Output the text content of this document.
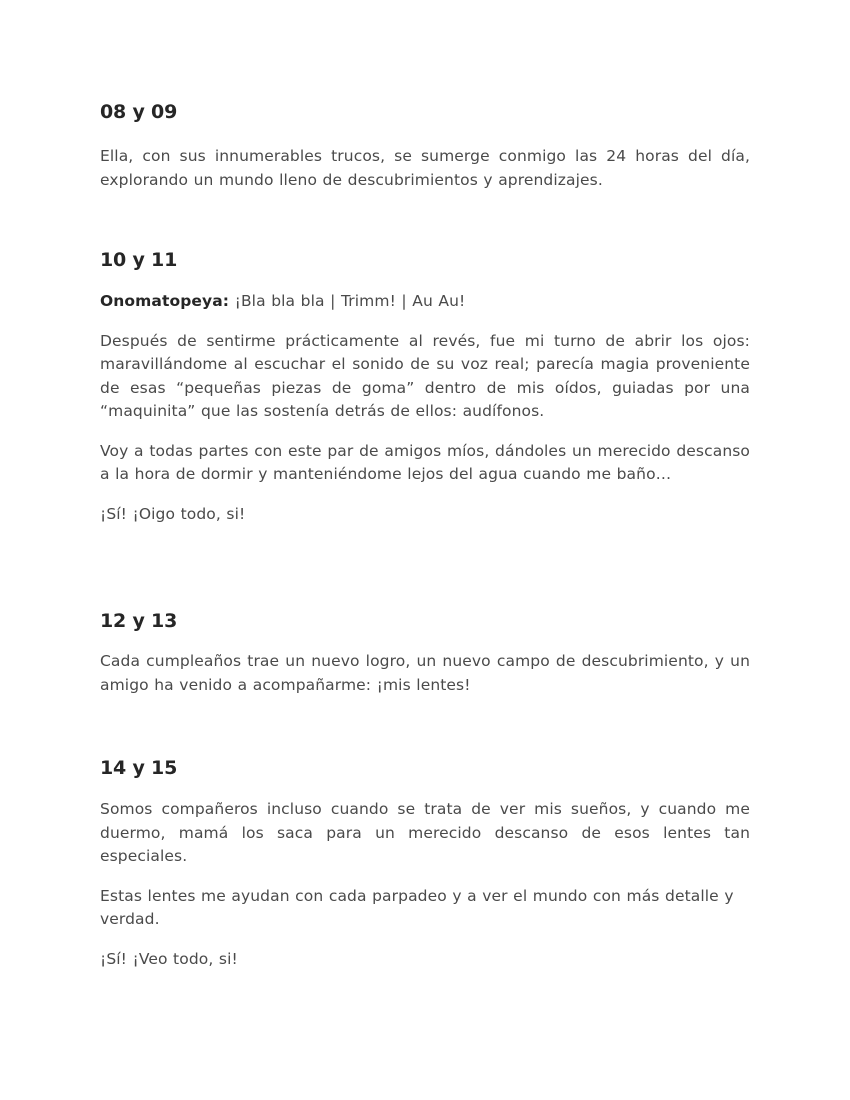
08 y 09

Ella, con sus innumerables trucos, se sumerge conmigo las 24 horas del día, explorando un mundo lleno de descubrimientos y aprendizajes.

10 y 11

Onomatopeya: ¡Bla bla bla | Trimm! | Au Au!

Después de sentirme prácticamente al revés, fue mi turno de abrir los ojos: maravillándome al escuchar el sonido de su voz real; parecía magia proveniente de esas “pequeñas piezas de goma” dentro de mis oídos, guiadas por una “maquinita” que las sostenía detrás de ellos: audífonos.

Voy a todas partes con este par de amigos míos, dándoles un merecido descanso a la hora de dormir y manteniéndome lejos del agua cuando me baño…

¡Sí! ¡Oigo todo, si!

12 y 13

Cada cumpleaños trae un nuevo logro, un nuevo campo de descubrimiento, y un amigo ha venido a acompañarme: ¡mis lentes!

14 y 15

Somos compañeros incluso cuando se trata de ver mis sueños, y cuando me duermo, mamá los saca para un merecido descanso de esos lentes tan especiales.

Estas lentes me ayudan con cada parpadeo y a ver el mundo con más detalle y verdad.

¡Sí! ¡Veo todo, si!
